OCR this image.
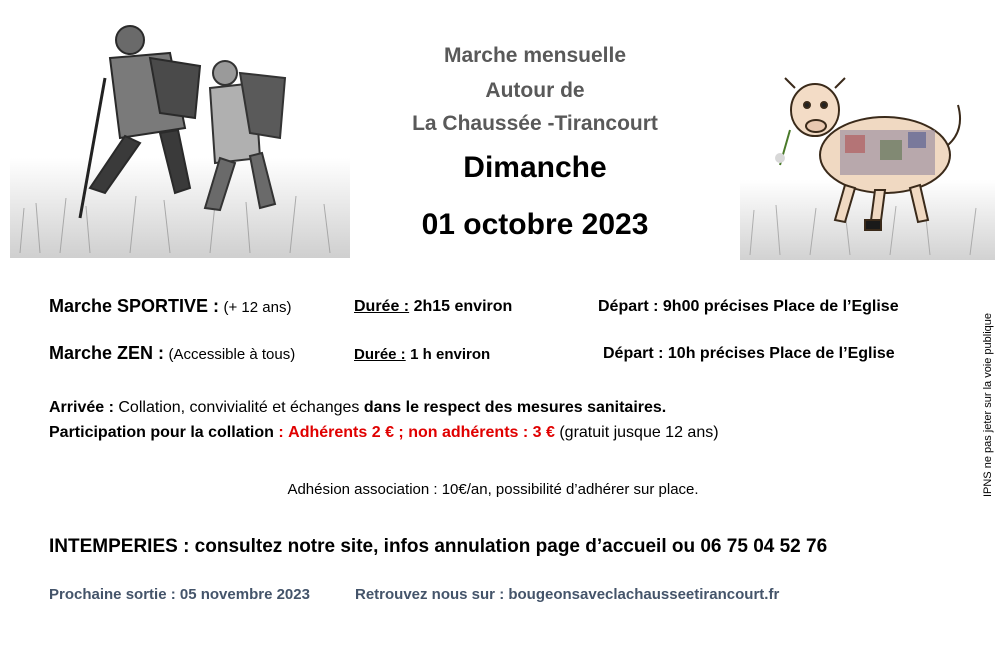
Marche mensuelle
Autour de
La Chaussée -Tirancourt
Dimanche
01 octobre 2023
Marche SPORTIVE : (+ 12 ans)	Durée : 2h15 environ	Départ : 9h00 précises Place de l’Eglise
Marche ZEN : (Accessible à tous)	Durée : 1 h environ	Départ : 10h précises Place de l’Eglise
Arrivée : Collation, convivialité et échanges dans le respect des mesures sanitaires.
Participation pour la collation : Adhérents 2 € ; non adhérents : 3 € (gratuit jusque 12 ans)
Adhésion association : 10€/an, possibilité d’adhérer sur place.
INTEMPERIES : consultez notre site, infos annulation page d’accueil ou 06 75 04 52 76
Prochaine sortie : 05 novembre 2023	Retrouvez nous sur : bougeonsaveclachausseetirancourt.fr
IPNS ne pas jeter sur la voie publique
